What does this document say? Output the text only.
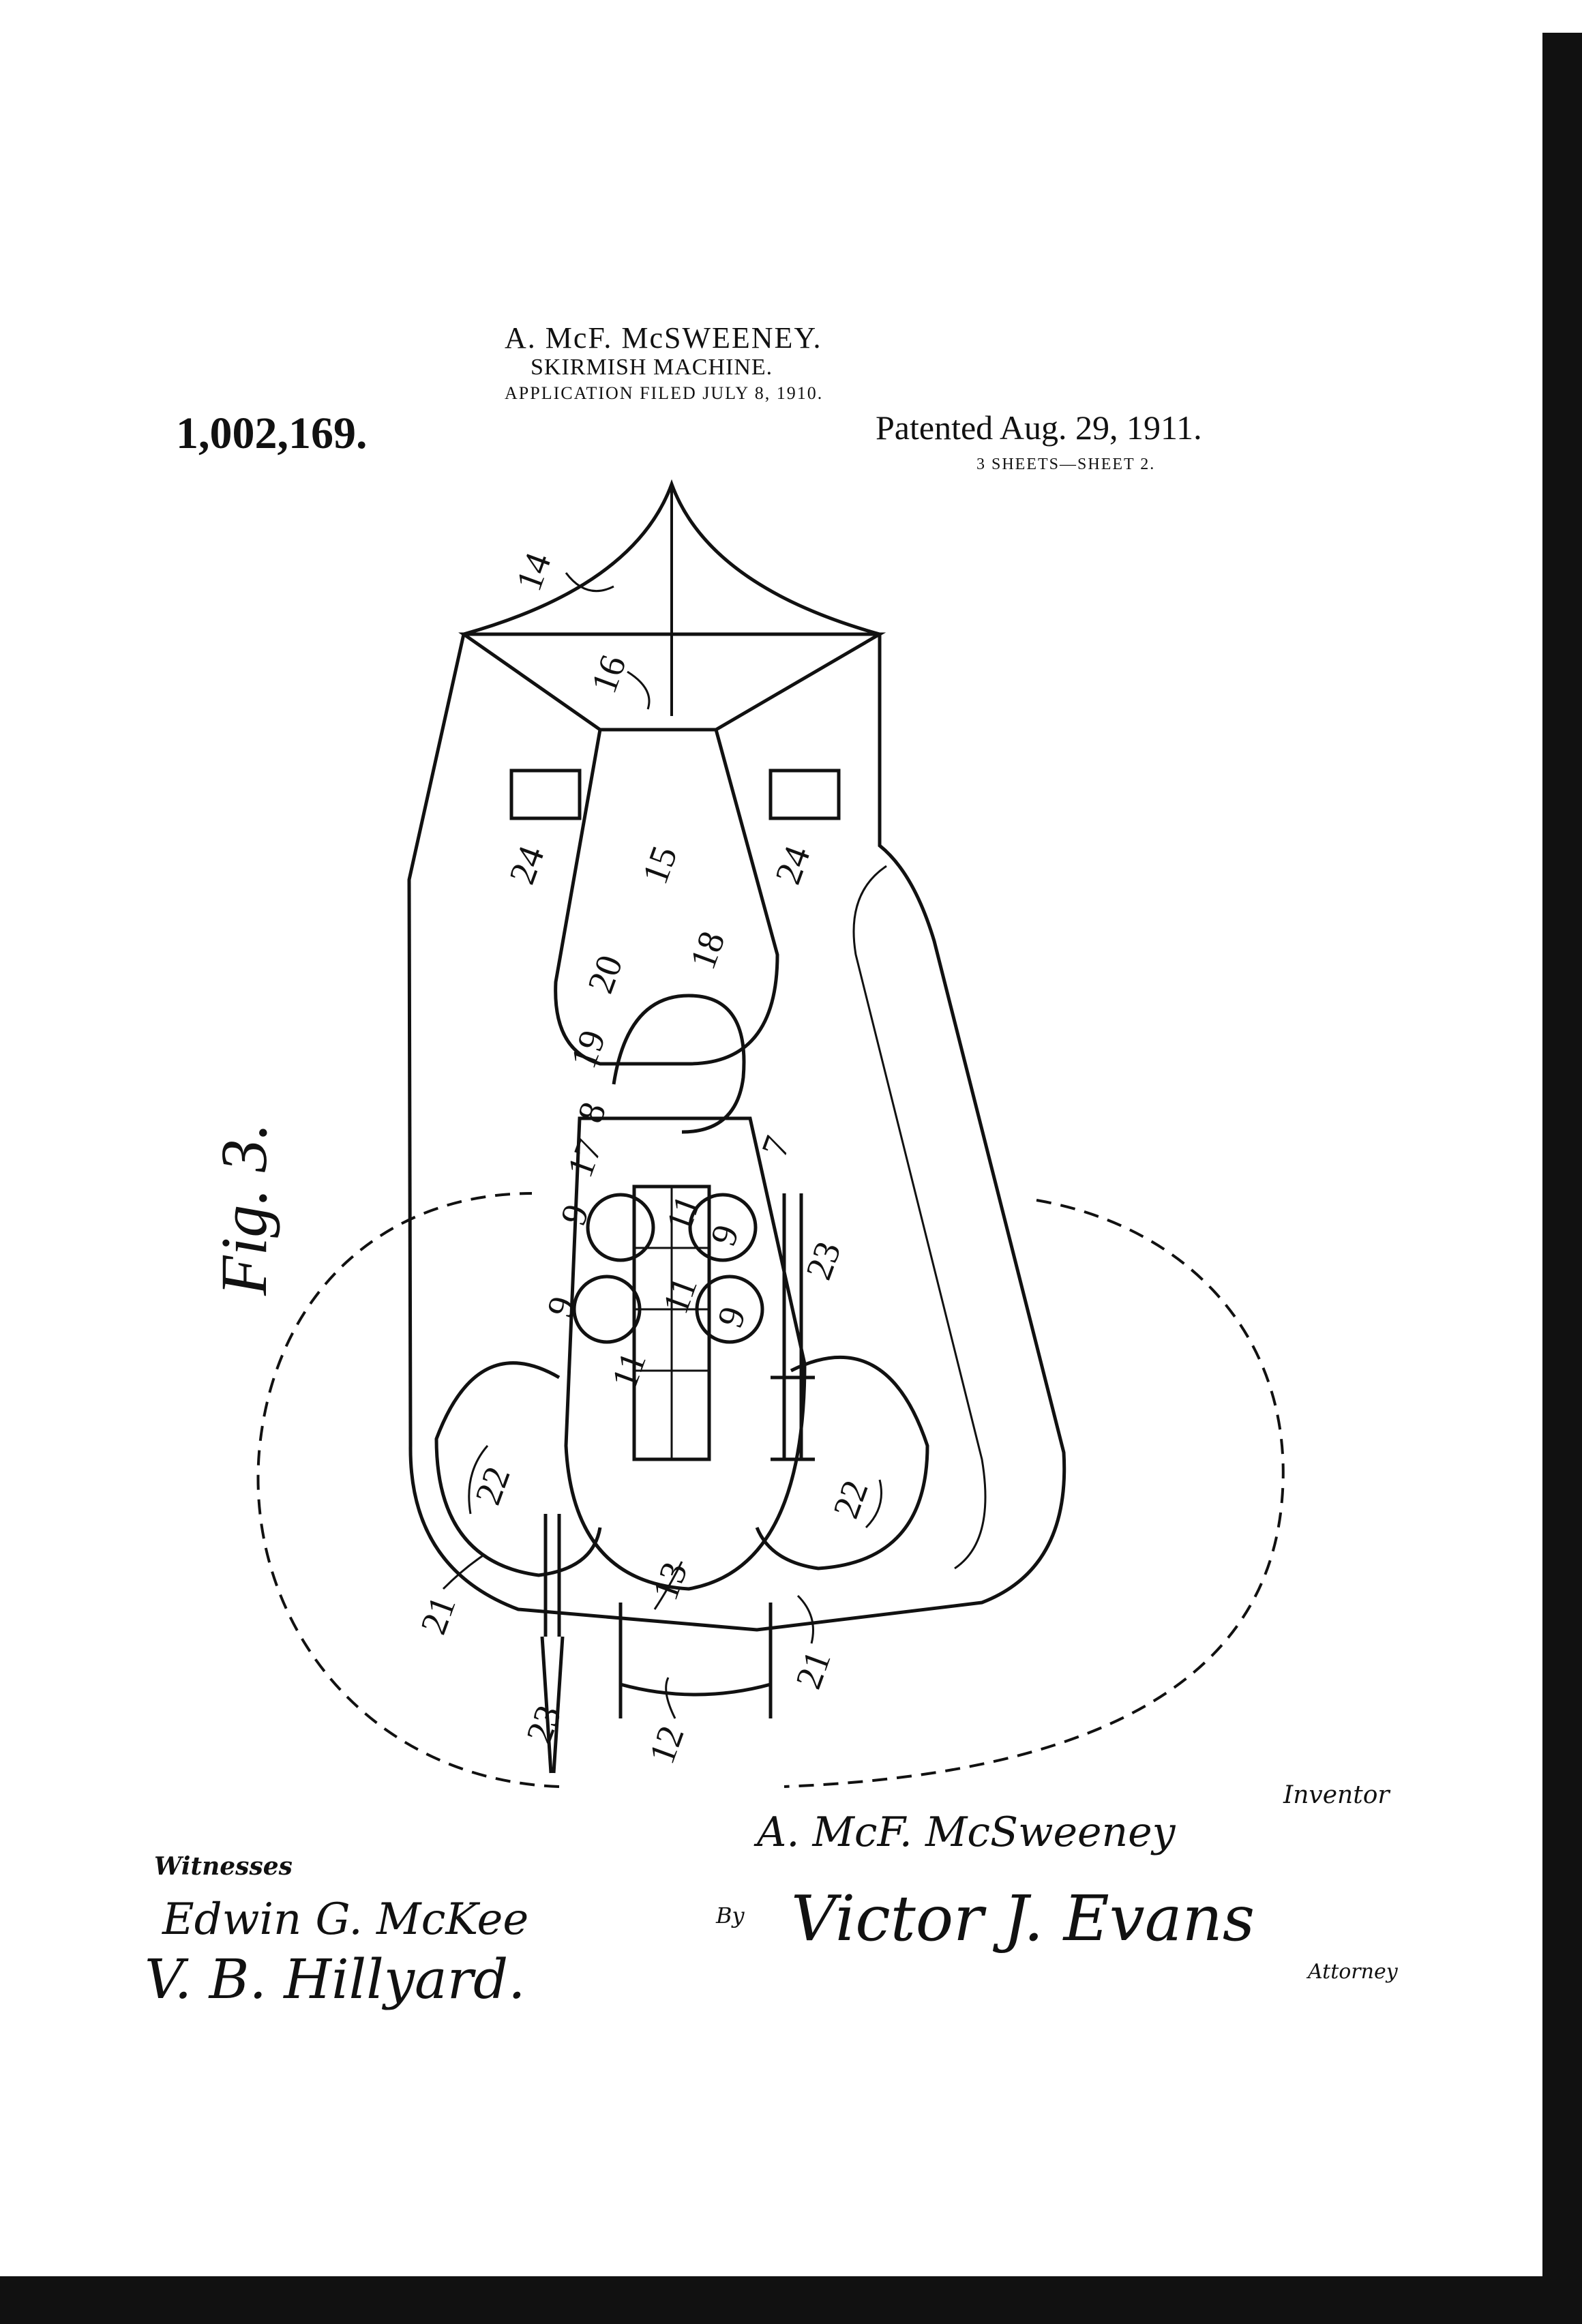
A. McF. McSWEENEY.
SKIRMISH MACHINE.
APPLICATION FILED JULY 8, 1910.
1,002,169.	Patented Aug. 29, 1911.
3 SHEETS—SHEET 2.
Fig. 3.
14
16
15
24	24
20 18
19
8
17	7
9
9
9
9
11
11
11
23
23
22	22
21
21
13
12
Inventor
A. McF. McSweeney
Witnesses
Edwin G. McKee
V. B. Hillyard.
By Victor J. Evans
Attorney
